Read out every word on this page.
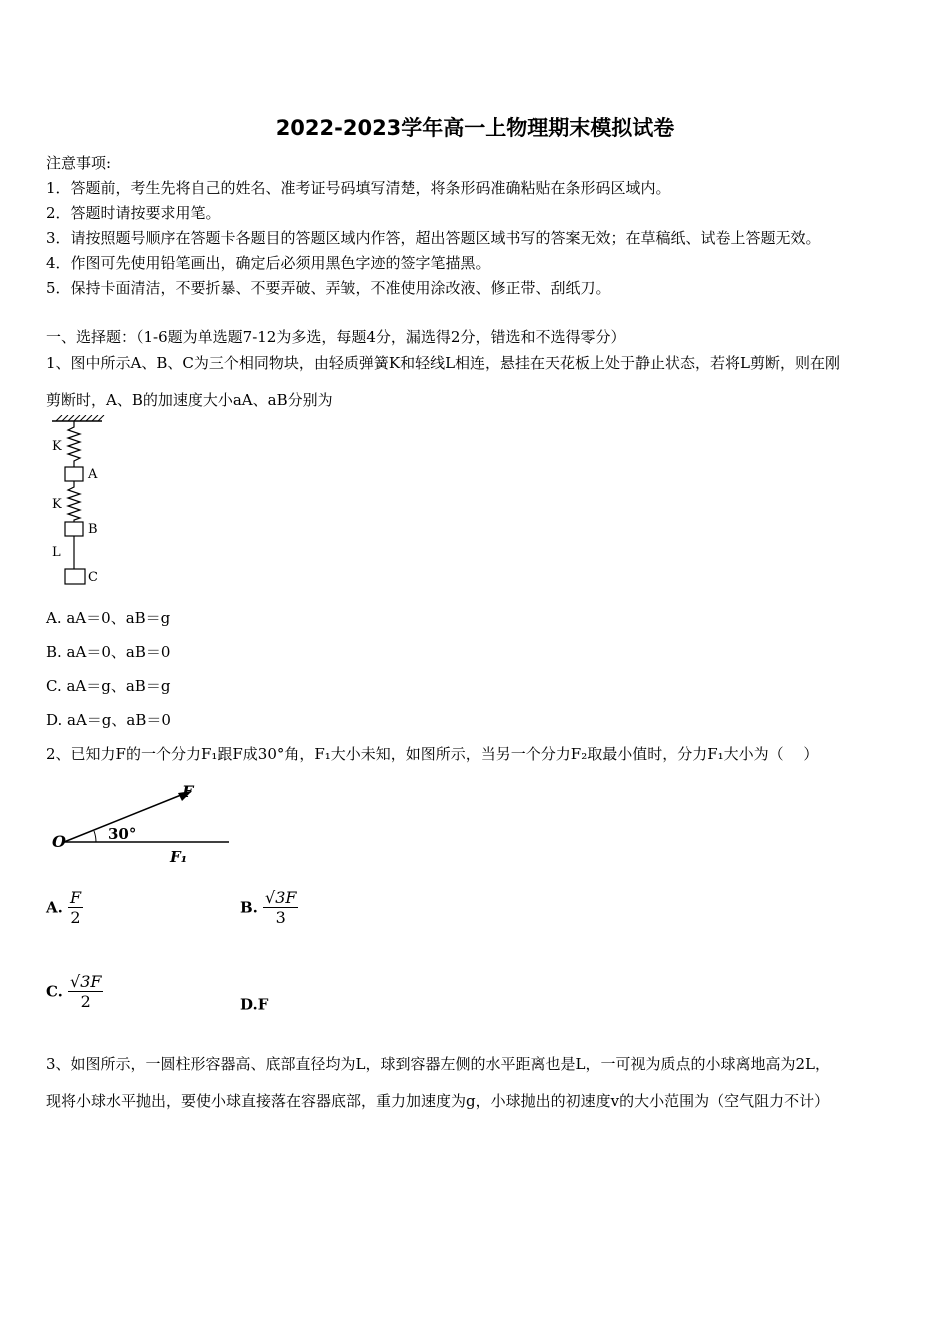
2022-2023学年高一上物理期末模拟试卷
注意事项:
1．答题前，考生先将自己的姓名、准考证号码填写清楚，将条形码准确粘贴在条形码区域内。
2．答题时请按要求用笔。
3．请按照题号顺序在答题卡各题目的答题区域内作答，超出答题区域书写的答案无效；在草稿纸、试卷上答题无效。
4．作图可先使用铅笔画出，确定后必须用黑色字迹的签字笔描黑。
5．保持卡面清洁，不要折暴、不要弄破、弄皱，不准使用涂改液、修正带、刮纸刀。
一、选择题：（1-6题为单选题7-12为多选，每题4分，漏选得2分，错选和不选得零分）
1、图中所示A、B、C为三个相同物块，由轻质弹簧K和轻线L相连，悬挂在天花板上处于静止状态，若将L剪断，则在刚
剪断时，A、B的加速度大小aA、aB分别为
K
A
K
B
L
C
A. aA＝0、aB＝g
B. aA＝0、aB＝0
C. aA＝g、aB＝g
D. aA＝g、aB＝0
2、已知力F的一个分力F₁跟F成30°角，F₁大小未知，如图所示，当另一个分力F₂取最小值时，分力F₁大小为（　 ）
O
F
30°
F₁
A. $\frac{F}{2}$	B. $\frac{√3F}{3}$
C. $\frac{√3F}{2}$	D.F
3、如图所示，一圆柱形容器高、底部直径均为L，球到容器左侧的水平距离也是L，一可视为质点的小球离地高为2L，
现将小球水平抛出，要使小球直接落在容器底部，重力加速度为g，小球抛出的初速度v的大小范围为（空气阻力不计）
